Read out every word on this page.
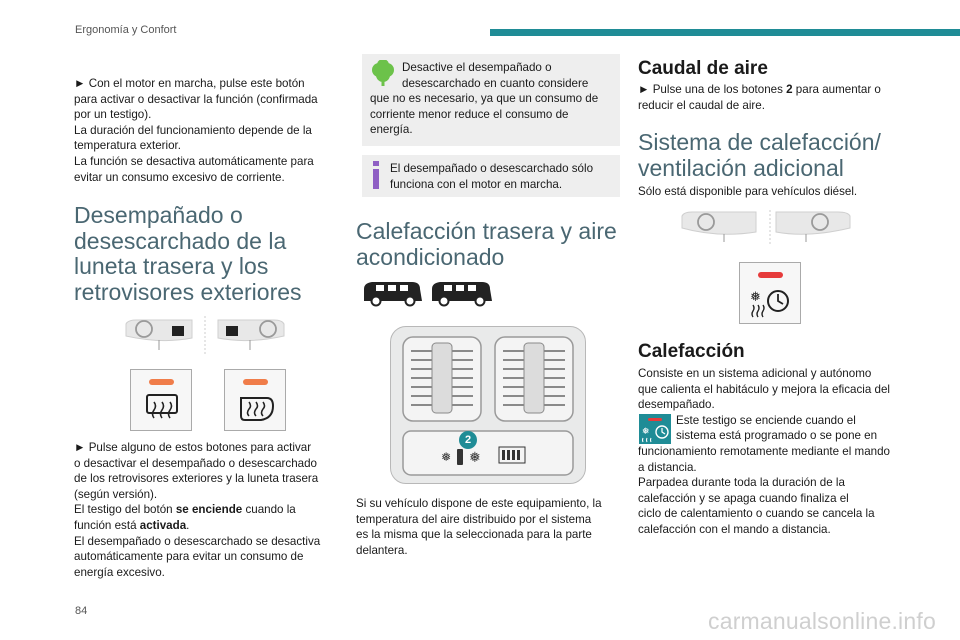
Ergonomía y Confort

► Con el motor en marcha, pulse este botón

para activar o desactivar la función (confirmada

por un testigo).

La duración del funcionamiento depende de la

temperatura exterior.

La función se desactiva automáticamente para

evitar un consumo excesivo de corriente.

Desempañado o
desescarchado de la
luneta trasera y los
retrovisores exteriores

► Pulse alguno de estos botones para activar

o desactivar el desempañado o desescarchado

de los retrovisores exteriores y la luneta trasera

(según versión).

El testigo del botón se enciende cuando la

función está activada.

El desempañado o desescarchado se desactiva

automáticamente para evitar un consumo de

energía excesivo.

Desactive el desempañado o

desescarchado en cuanto considere

que no es necesario, ya que un consumo de

corriente menor reduce el consumo de

energía.

El desempañado o desescarchado sólo

funciona con el motor en marcha.

Calefacción trasera y aire
acondicionado
❅ ❅
2

Si su vehículo dispone de este equipamiento, la

temperatura del aire distribuido por el sistema

es la misma que la seleccionada para la parte

delantera.

Caudal de aire

► Pulse una de los botones 2 para aumentar o

reducir el caudal de aire.

Sistema de calefacción/
ventilación adicional
Sólo está disponible para vehículos diésel.
❅
Calefacción

Consiste en un sistema adicional y autónomo

que calienta el habitáculo y mejora la eficacia del

desempañado.

Este testigo se enciende cuando el

sistema está programado o se pone en

funcionamiento remotamente mediante el mando

a distancia.

Parpadea durante toda la duración de la

calefacción y se apaga cuando finaliza el

ciclo de calentamiento o cuando se cancela la

calefacción con el mando a distancia.

❅
84	carmanualsonline.info
